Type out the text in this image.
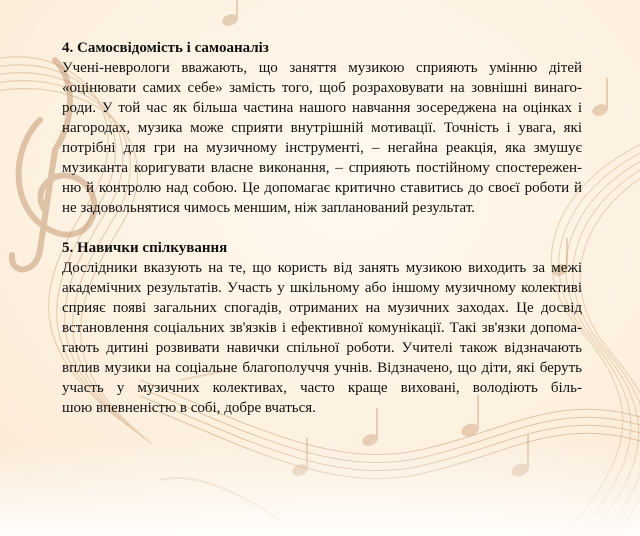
4. Самосвідомість і самоаналіз
Учені-неврологи вважають, що заняття музикою сприяють умінню дітей
«оцінювати самих себе» замість того, щоб розраховувати на зовнішні винаго-
роди. У той час як більша частина нашого навчання зосереджена на оцінках і
нагородах, музика може сприяти внутрішній мотивації. Точність і увага, які
потрібні для гри на музичному інструменті, – негайна реакція, яка змушує
музиканта коригувати власне виконання, – сприяють постійному спостережен-
ню й контролю над собою. Це допомагає критично ставитись до своєї роботи й
не задовольнятися чимось меншим, ніж запланований результат.
5. Навички спілкування
Дослідники вказують на те, що користь від занять музикою виходить за межі
академічних результатів. Участь у шкільному або іншому музичному колективі
сприяє появі загальних спогадів, отриманих на музичних заходах. Це досвід
встановлення соціальних зв'язків і ефективної комунікації. Такі зв'язки допома-
гають дитині розвивати навички спільної роботи. Учителі також відзначають
вплив музики на соціальне благополуччя учнів. Відзначено, що діти, які беруть
участь у музичних колективах, часто краще виховані, володіють біль-
шою впевненістю в собі, добре вчаться.
